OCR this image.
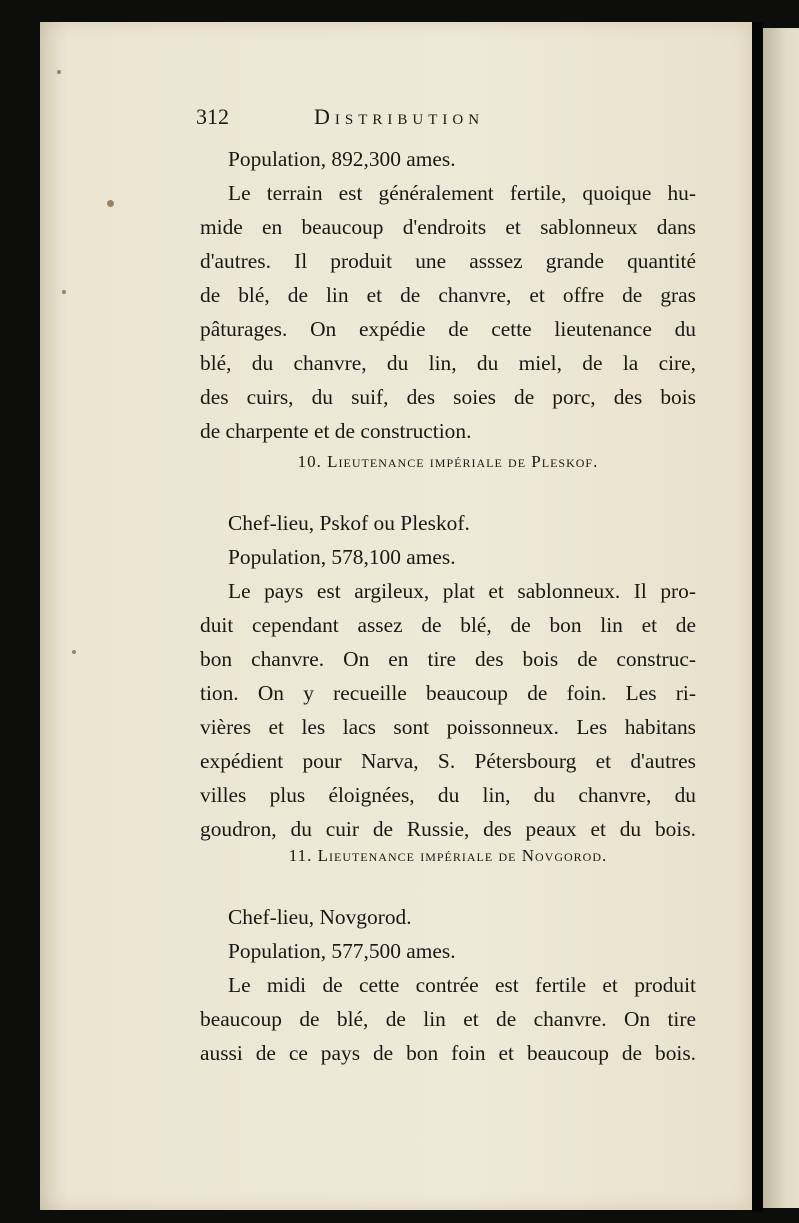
312	Distribution
Population, 892,300 ames.
Le terrain est généralement fertile, quoique hu-
mide en beaucoup d'endroits et sablonneux dans
d'autres. Il produit une asssez grande quantité
de blé, de lin et de chanvre, et offre de gras
pâturages. On expédie de cette lieutenance du
blé, du chanvre, du lin, du miel, de la cire,
des cuirs, du suif, des soies de porc, des bois
de charpente et de construction.
10. Lieutenance impériale de Pleskof.
Chef-lieu, Pskof ou Pleskof.
Population, 578,100 ames.
Le pays est argileux, plat et sablonneux. Il pro-
duit cependant assez de blé, de bon lin et de
bon chanvre. On en tire des bois de construc-
tion. On y recueille beaucoup de foin. Les ri-
vières et les lacs sont poissonneux. Les habitans
expédient pour Narva, S. Pétersbourg et d'autres
villes plus éloignées, du lin, du chanvre, du
goudron, du cuir de Russie, des peaux et du bois.
11. Lieutenance impériale de Novgorod.
Chef-lieu, Novgorod.
Population, 577,500 ames.
Le midi de cette contrée est fertile et produit
beaucoup de blé, de lin et de chanvre. On tire
aussi de ce pays de bon foin et beaucoup de bois.
